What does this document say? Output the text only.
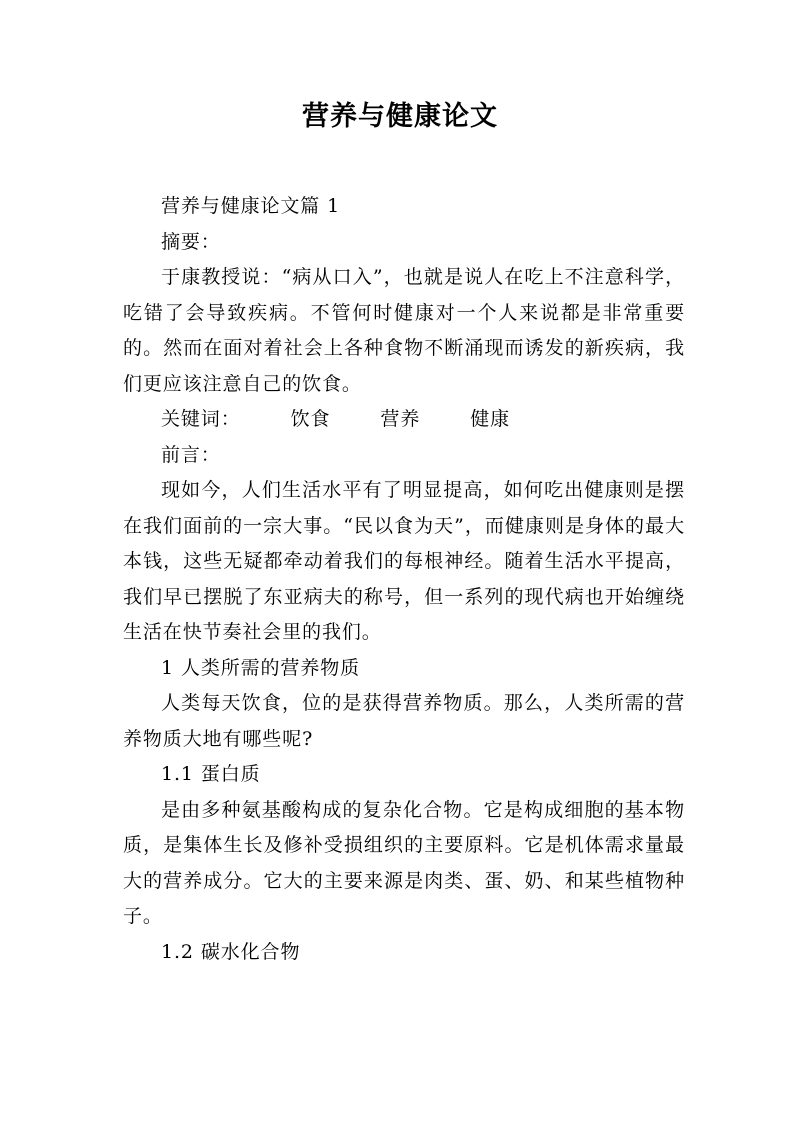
营养与健康论文

营养与健康论文篇 1

摘要：

于康教授说：“病从口入”，也就是说人在吃上不注意科学，吃错了会导致疾病。不管何时健康对一个人来说都是非常重要的。然而在面对着社会上各种食物不断涌现而诱发的新疾病，我们更应该注意自己的饮食。

关键词：	饮食	营养	健康

前言：

现如今，人们生活水平有了明显提高，如何吃出健康则是摆在我们面前的一宗大事。“民以食为天”，而健康则是身体的最大本钱，这些无疑都牵动着我们的每根神经。随着生活水平提高，我们早已摆脱了东亚病夫的称号，但一系列的现代病也开始缠绕生活在快节奏社会里的我们。

1 人类所需的营养物质

人类每天饮食，位的是获得营养物质。那么，人类所需的营养物质大地有哪些呢?

1.1 蛋白质

是由多种氨基酸构成的复杂化合物。它是构成细胞的基本物质，是集体生长及修补受损组织的主要原料。它是机体需求量最大的营养成分。它大的主要来源是肉类、蛋、奶、和某些植物种子。

1.2 碳水化合物
